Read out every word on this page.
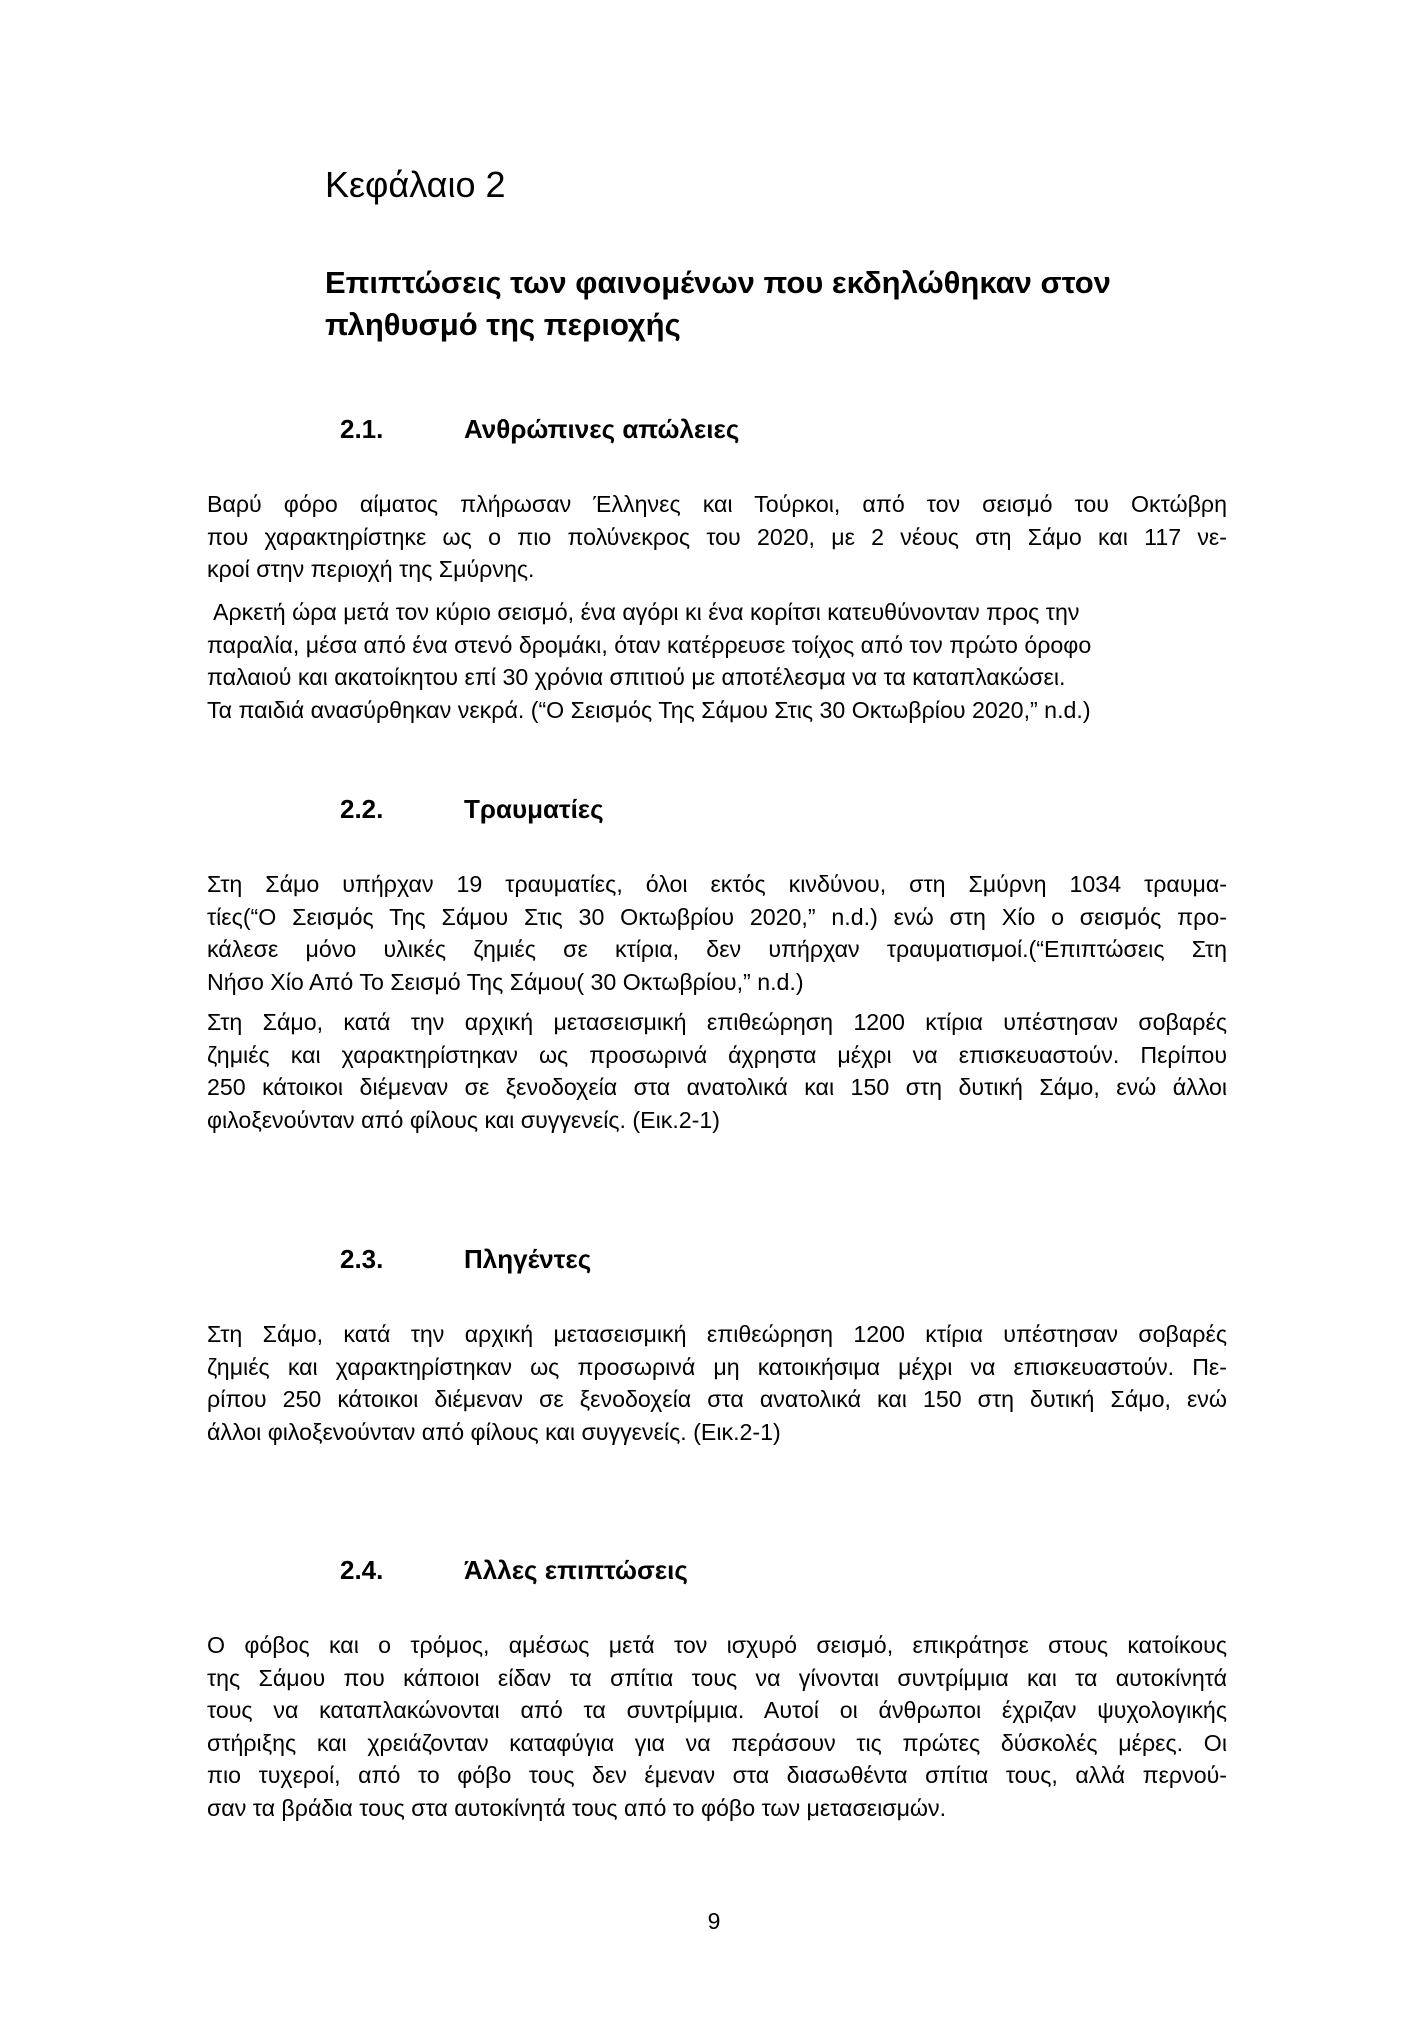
Κεφάλαιο 2
Επιπτώσεις των φαινομένων που εκδηλώθηκαν στον
πληθυσμό της περιοχής
2.1.	Ανθρώπινες απώλειες

Βαρύ φόρο αίματος πλήρωσαν Έλληνες και Τούρκοι, από τον σεισμό του Οκτώβρη
που χαρακτηρίστηκε ως ο πιο πολύνεκρος του 2020, με 2 νέους στη Σάμο και 117 νε-
κροί στην περιοχή της Σμύρνης.

Αρκετή ώρα μετά τον κύριο σεισμό, ένα αγόρι κι ένα κορίτσι κατευθύνονταν προς την
παραλία, μέσα από ένα στενό δρομάκι, όταν κατέρρευσε τοίχος από τον πρώτο όροφο
παλαιού και ακατοίκητου επί 30 χρόνια σπιτιού με αποτέλεσμα να τα καταπλακώσει.
Τα παιδιά ανασύρθηκαν νεκρά. (“Ο Σεισμός Της Σάμου Στις 30 Οκτωβρίου 2020,” n.d.)

2.2.	Τραυματίες

Στη Σάμο υπήρχαν 19 τραυματίες, όλοι εκτός κινδύνου, στη Σμύρνη 1034 τραυμα-
τίες(“Ο Σεισμός Της Σάμου Στις 30 Οκτωβρίου 2020,” n.d.) ενώ στη Χίο ο σεισμός προ-
κάλεσε μόνο υλικές ζημιές σε κτίρια, δεν υπήρχαν τραυματισμοί.(“Επιπτώσεις Στη
Νήσο Χίο Από Το Σεισμό Της Σάμου( 30 Οκτωβρίου,” n.d.)

Στη Σάμο, κατά την αρχική μετασεισμική επιθεώρηση 1200 κτίρια υπέστησαν σοβαρές
ζημιές και χαρακτηρίστηκαν ως προσωρινά άχρηστα μέχρι να επισκευαστούν. Περίπου
250 κάτοικοι διέμεναν σε ξενοδοχεία στα ανατολικά και 150 στη δυτική Σάμο, ενώ άλλοι
φιλοξενούνταν από φίλους και συγγενείς. (Εικ.2-1)

2.3.	Πληγέντες

Στη Σάμο, κατά την αρχική μετασεισμική επιθεώρηση 1200 κτίρια υπέστησαν σοβαρές
ζημιές και χαρακτηρίστηκαν ως προσωρινά μη κατοικήσιμα μέχρι να επισκευαστούν. Πε-
ρίπου 250 κάτοικοι διέμεναν σε ξενοδοχεία στα ανατολικά και 150 στη δυτική Σάμο, ενώ
άλλοι φιλοξενούνταν από φίλους και συγγενείς. (Εικ.2-1)

2.4.	Άλλες επιπτώσεις

Ο φόβος και ο τρόμος, αμέσως μετά τον ισχυρό σεισμό, επικράτησε στους κατοίκους
της Σάμου που κάποιοι είδαν τα σπίτια τους να γίνονται συντρίμμια και τα αυτοκίνητά
τους να καταπλακώνονται από τα συντρίμμια. Αυτοί οι άνθρωποι έχριζαν ψυχολογικής
στήριξης και χρειάζονταν καταφύγια για να περάσουν τις πρώτες δύσκολές μέρες. Οι
πιο τυχεροί, από το φόβο τους δεν έμεναν στα διασωθέντα σπίτια τους, αλλά περνού-
σαν τα βράδια τους στα αυτοκίνητά τους από το φόβο των μετασεισμών.

9
